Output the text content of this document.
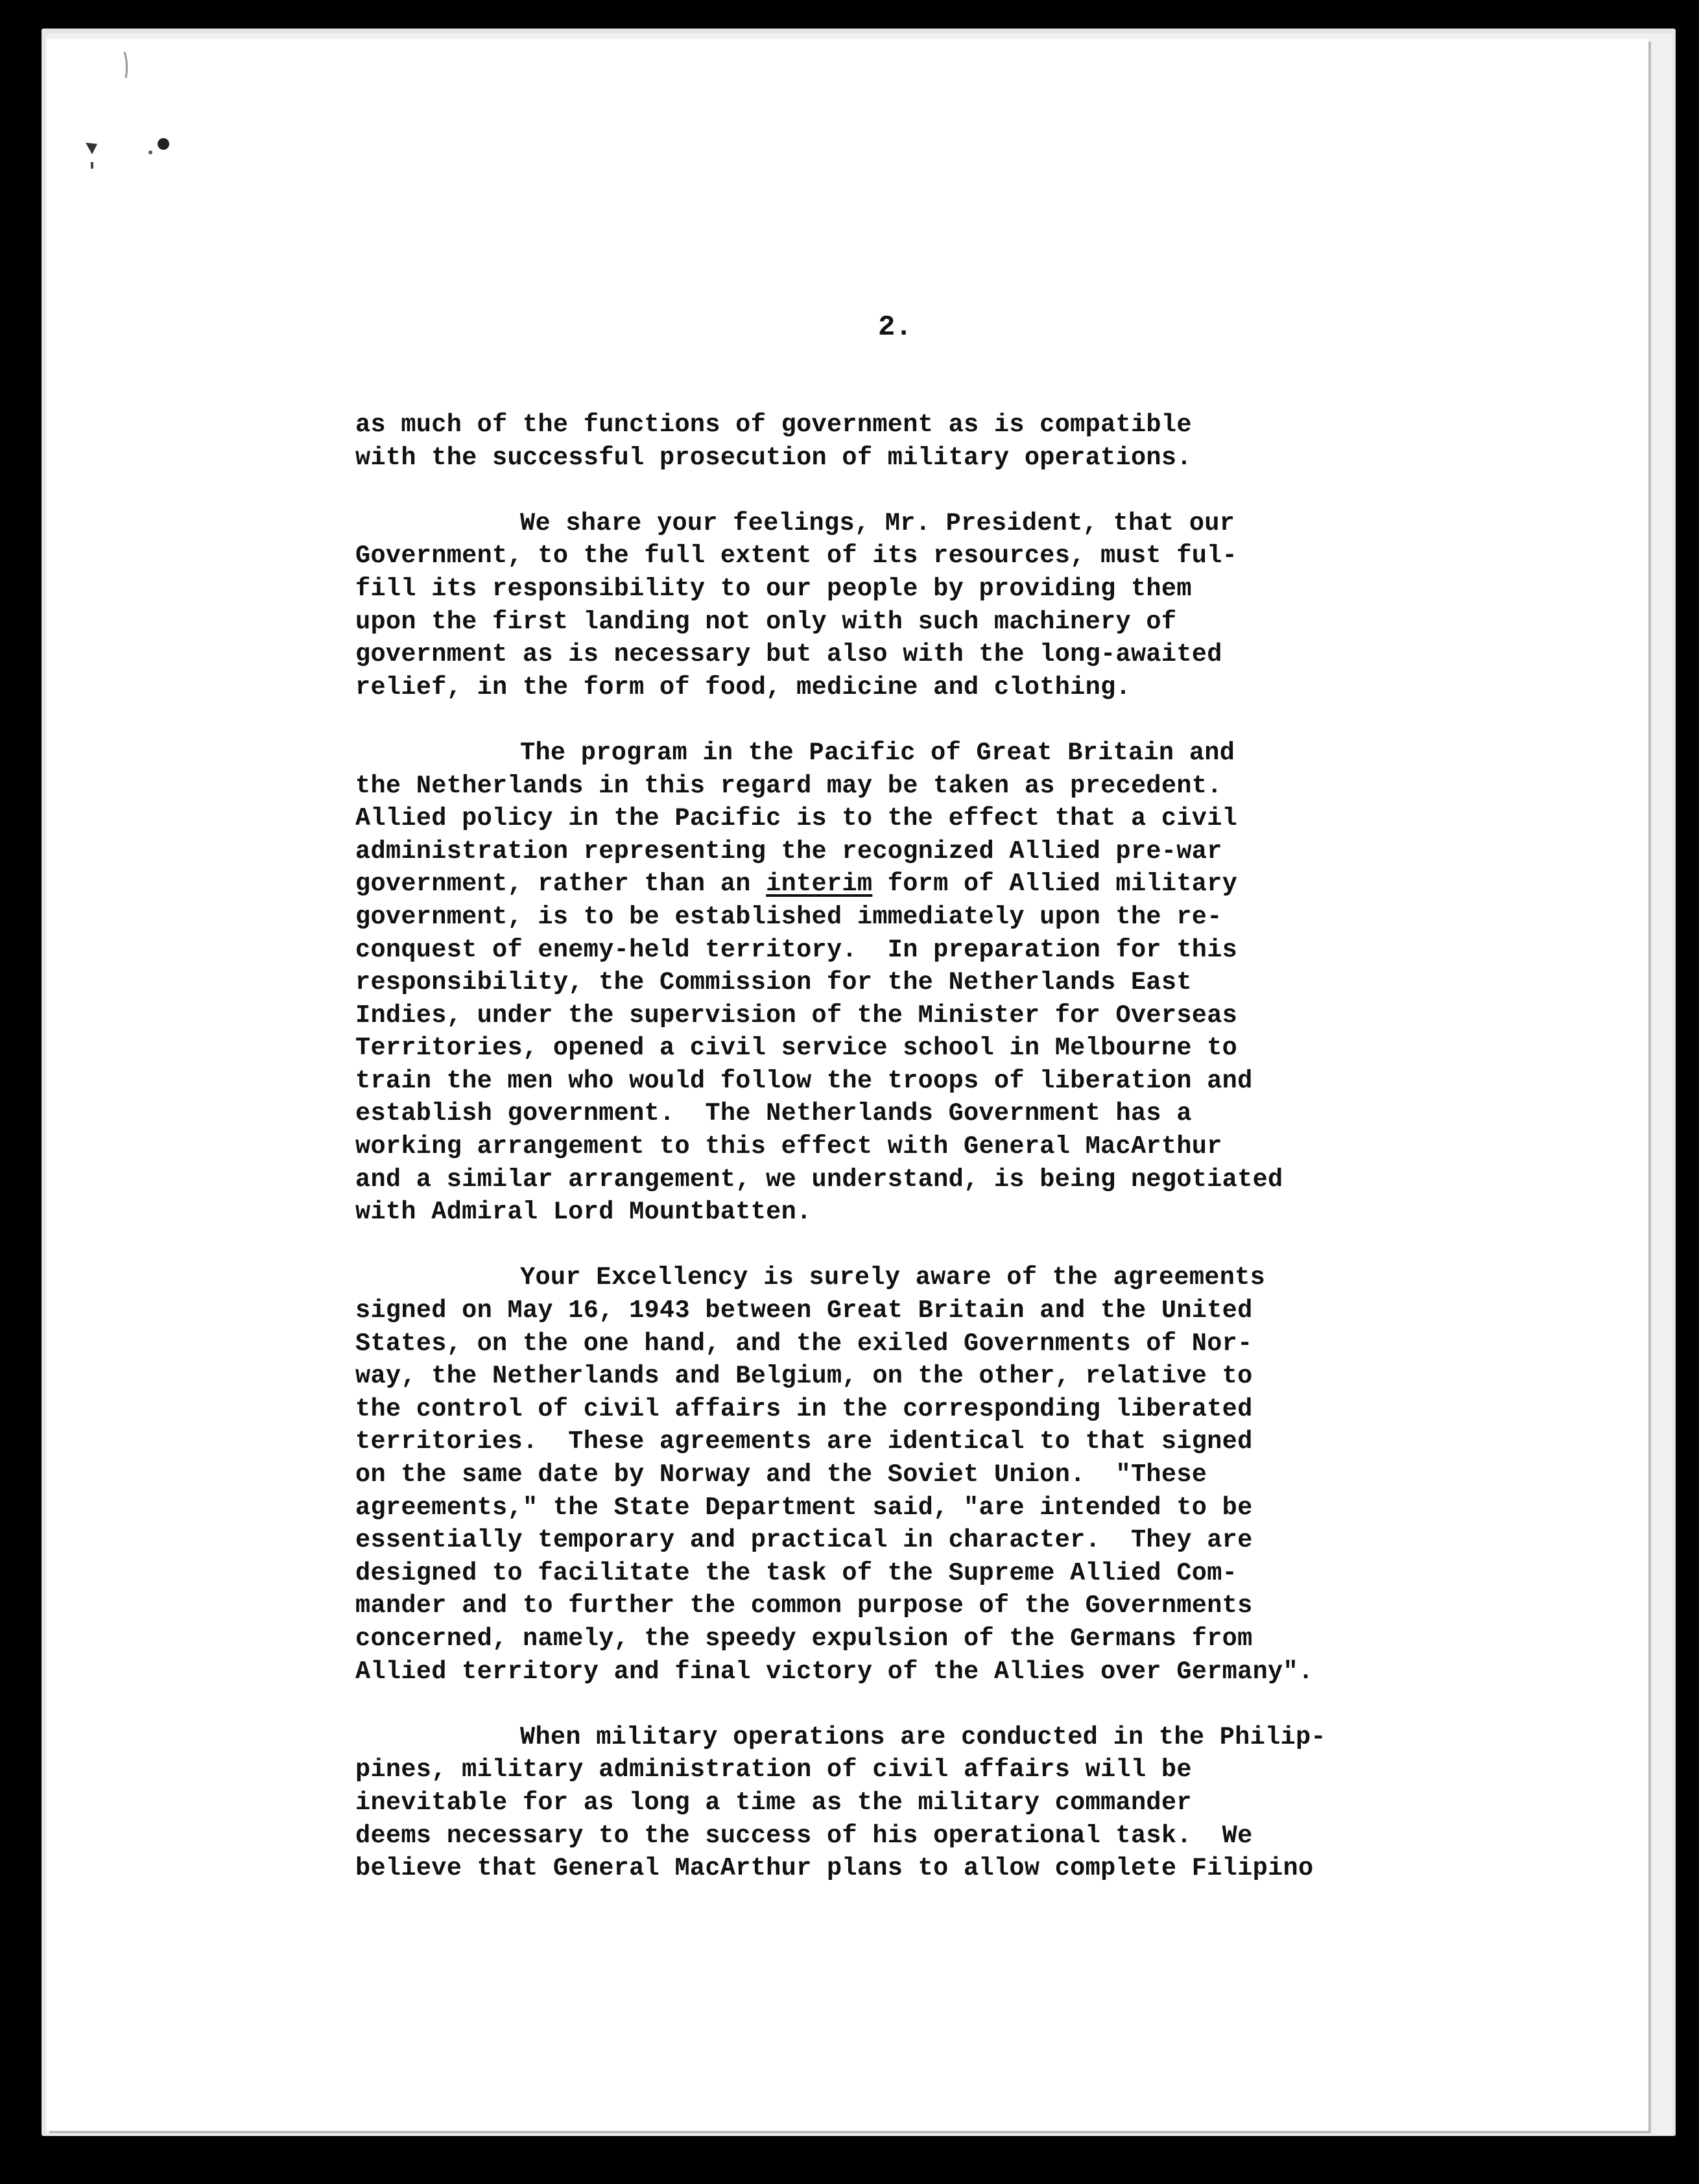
2.
as much of the functions of government as is compatible
with the successful prosecution of military operations.
We share your feelings, Mr. President, that our
Government, to the full extent of its resources, must ful-
fill its responsibility to our people by providing them
upon the first landing not only with such machinery of
government as is necessary but also with the long-awaited
relief, in the form of food, medicine and clothing.
The program in the Pacific of Great Britain and
the Netherlands in this regard may be taken as precedent.
Allied policy in the Pacific is to the effect that a civil
administration representing the recognized Allied pre-war
government, rather than an interim form of Allied military
government, is to be established immediately upon the re-
conquest of enemy-held territory.  In preparation for this
responsibility, the Commission for the Netherlands East
Indies, under the supervision of the Minister for Overseas
Territories, opened a civil service school in Melbourne to
train the men who would follow the troops of liberation and
establish government.  The Netherlands Government has a
working arrangement to this effect with General MacArthur
and a similar arrangement, we understand, is being negotiated
with Admiral Lord Mountbatten.
Your Excellency is surely aware of the agreements
signed on May 16, 1943 between Great Britain and the United
States, on the one hand, and the exiled Governments of Nor-
way, the Netherlands and Belgium, on the other, relative to
the control of civil affairs in the corresponding liberated
territories.  These agreements are identical to that signed
on the same date by Norway and the Soviet Union.  "These
agreements," the State Department said, "are intended to be
essentially temporary and practical in character.  They are
designed to facilitate the task of the Supreme Allied Com-
mander and to further the common purpose of the Governments
concerned, namely, the speedy expulsion of the Germans from
Allied territory and final victory of the Allies over Germany".
When military operations are conducted in the Philip-
pines, military administration of civil affairs will be
inevitable for as long a time as the military commander
deems necessary to the success of his operational task.  We
believe that General MacArthur plans to allow complete Filipino
